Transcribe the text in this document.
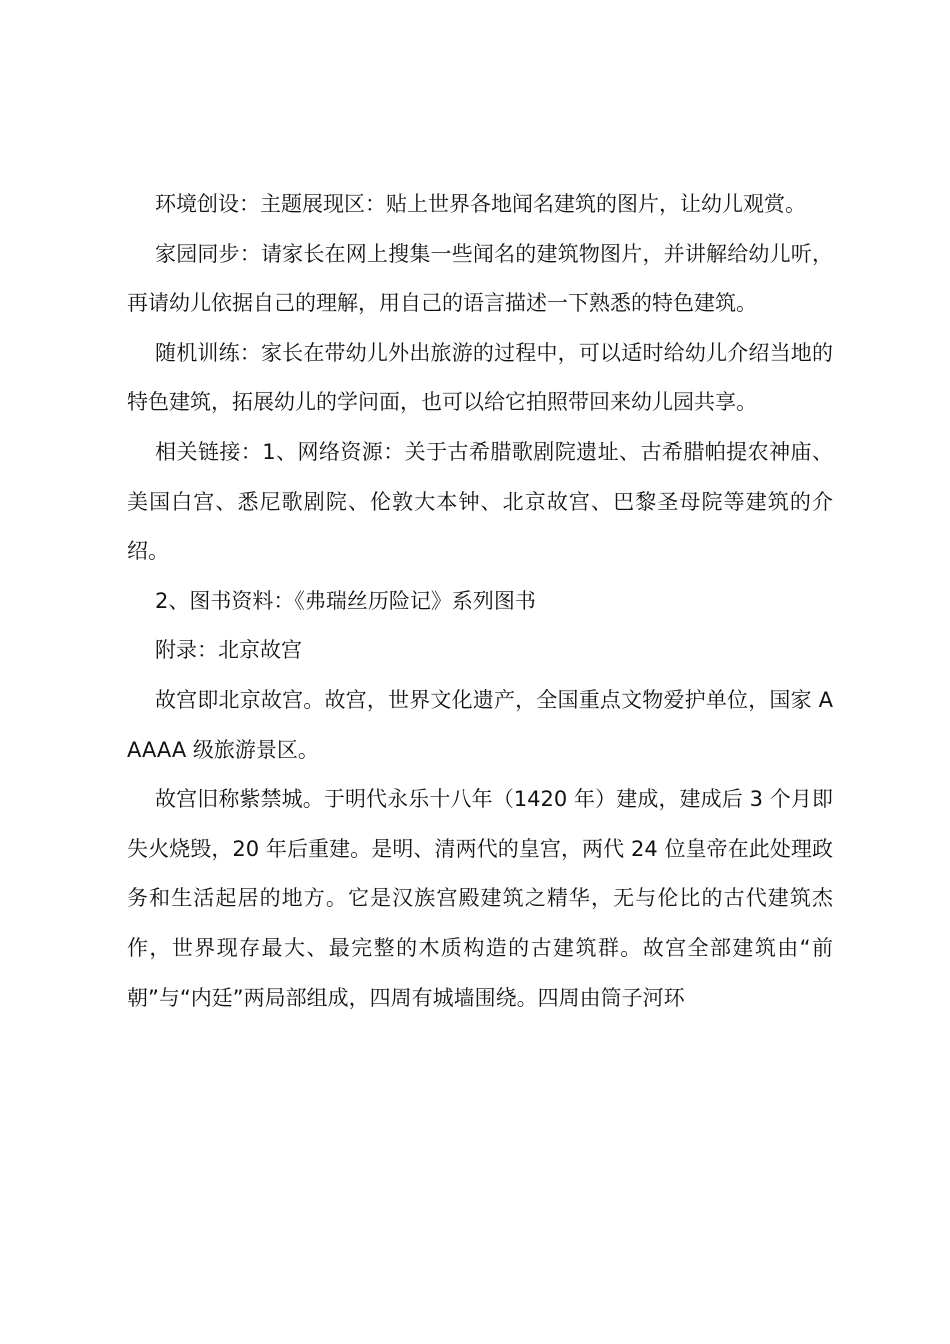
环境创设：主题展现区：贴上世界各地闻名建筑的图片，让幼儿观赏。

家园同步：请家长在网上搜集一些闻名的建筑物图片，并讲解给幼儿听，再请幼儿依据自己的理解，用自己的语言描述一下熟悉的特色建筑。

随机训练：家长在带幼儿外出旅游的过程中，可以适时给幼儿介绍当地的特色建筑，拓展幼儿的学问面，也可以给它拍照带回来幼儿园共享。

相关链接：1、网络资源：关于古希腊歌剧院遗址、古希腊帕提农神庙、美国白宫、悉尼歌剧院、伦敦大本钟、北京故宫、巴黎圣母院等建筑的介绍。

2、图书资料：《弗瑞丝历险记》系列图书

附录：北京故宫

故宫即北京故宫。故宫，世界文化遗产，全国重点文物爱护单位，国家 AAAAA 级旅游景区。

故宫旧称紫禁城。于明代永乐十八年（1420 年）建成，建成后 3 个月即失火烧毁，20 年后重建。是明、清两代的皇宫，两代 24 位皇帝在此处理政务和生活起居的地方。它是汉族宫殿建筑之精华，无与伦比的古代建筑杰作，世界现存最大、最完整的木质构造的古建筑群。故宫全部建筑由“前朝”与“内廷”两局部组成，四周有城墙围绕。四周由筒子河环
